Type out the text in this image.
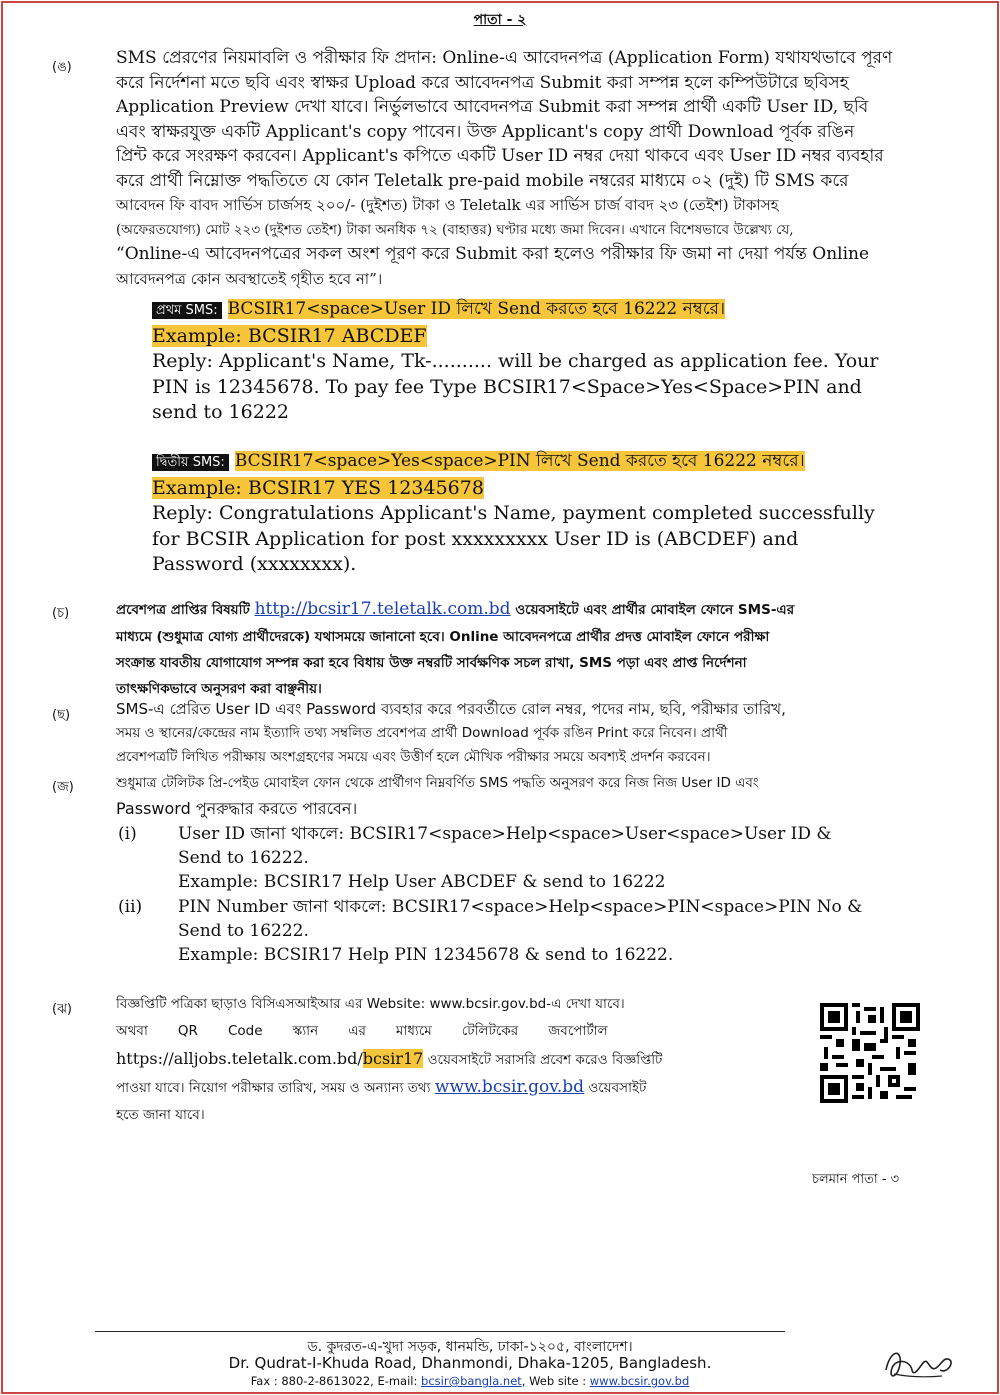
পাতা - ২
(ঙ)	SMS প্রেরণের নিয়মাবলি ও পরীক্ষার ফি প্রদান: Online-এ আবেদনপত্র (Application Form) যথাযথভাবে পূরণ
করে নির্দেশনা মতে ছবি এবং স্বাক্ষর Upload করে আবেদনপত্র Submit করা সম্পন্ন হলে কম্পিউটারে ছবিসহ
Application Preview দেখা যাবে। নির্ভুলভাবে আবেদনপত্র Submit করা সম্পন্ন প্রার্থী একটি User ID, ছবি
এবং স্বাক্ষরযুক্ত একটি Applicant's copy পাবেন। উক্ত Applicant's copy প্রার্থী Download পূর্বক রঙিন
প্রিন্ট করে সংরক্ষণ করবেন। Applicant's কপিতে একটি User ID নম্বর দেয়া থাকবে এবং User ID নম্বর ব্যবহার
করে প্রার্থী নিম্নোক্ত পদ্ধতিতে যে কোন Teletalk pre-paid mobile নম্বরের মাধ্যমে ০২ (দুই) টি SMS করে
আবেদন ফি বাবদ সার্ভিস চার্জসহ ২০০/- (দুইশত) টাকা ও Teletalk এর সার্ভিস চার্জ বাবদ ২৩ (তেইশ) টাকাসহ
(অফেরতযোগ্য) মোট ২২৩ (দুইশত তেইশ) টাকা অনধিক ৭২ (বাহাত্তর) ঘণ্টার মধ্যে জমা দিবেন। এখানে বিশেষভাবে উল্লেখ্য যে,
“Online-এ আবেদনপত্রের সকল অংশ পূরণ করে Submit করা হলেও পরীক্ষার ফি জমা না দেয়া পর্যন্ত Online
আবেদনপত্র কোন অবস্থাতেই গৃহীত হবে না”।
প্রথম SMS: BCSIR17<space>User ID লিখে Send করতে হবে 16222 নম্বরে।
Example: BCSIR17 ABCDEF
Reply: Applicant's Name, Tk-.......... will be charged as application fee. Your
PIN is 12345678. To pay fee Type BCSIR17<Space>Yes<Space>PIN and
send to 16222
দ্বিতীয় SMS: BCSIR17<space>Yes<space>PIN লিখে Send করতে হবে 16222 নম্বরে।
Example: BCSIR17 YES 12345678
Reply: Congratulations Applicant's Name, payment completed successfully
for BCSIR Application for post xxxxxxxxx User ID is (ABCDEF) and
Password (xxxxxxxx).
(চ)	প্রবেশপত্র প্রাপ্তির বিষয়টি http://bcsir17.teletalk.com.bd ওয়েবসাইটে এবং প্রার্থীর মোবাইল ফোনে SMS-এর
মাধ্যমে (শুধুমাত্র যোগ্য প্রার্থীদেরকে) যথাসময়ে জানানো হবে। Online আবেদনপত্রে প্রার্থীর প্রদত্ত মোবাইল ফোনে পরীক্ষা
সংক্রান্ত যাবতীয় যোগাযোগ সম্পন্ন করা হবে বিধায় উক্ত নম্বরটি সার্বক্ষণিক সচল রাখা, SMS পড়া এবং প্রাপ্ত নির্দেশনা
তাৎক্ষণিকভাবে অনুসরণ করা বাঞ্ছনীয়।
(ছ)	SMS-এ প্রেরিত User ID এবং Password ব্যবহার করে পরবর্তীতে রোল নম্বর, পদের নাম, ছবি, পরীক্ষার তারিখ,
সময় ও স্থানের/কেন্দ্রের নাম ইত্যাদি তথ্য সম্বলিত প্রবেশপত্র প্রার্থী Download পূর্বক রঙিন Print করে নিবেন। প্রার্থী
প্রবেশপত্রটি লিখিত পরীক্ষায় অংশগ্রহণের সময়ে এবং উত্তীর্ণ হলে মৌখিক পরীক্ষার সময়ে অবশ্যই প্রদর্শন করবেন।
(জ)	শুধুমাত্র টেলিটক প্রি-পেইড মোবাইল ফোন থেকে প্রার্থীগণ নিম্নবর্ণিত SMS পদ্ধতি অনুসরণ করে নিজ নিজ User ID এবং
Password পুনরুদ্ধার করতে পারবেন।
(i) User ID জানা থাকলে: BCSIR17<space>Help<space>User<space>User ID &
Send to 16222.
Example: BCSIR17 Help User ABCDEF & send to 16222
(ii) PIN Number জানা থাকলে: BCSIR17<space>Help<space>PIN<space>PIN No &
Send to 16222.
Example: BCSIR17 Help PIN 12345678 & send to 16222.
(ঝ)	বিজ্ঞপ্তিটি পত্রিকা ছাড়াও বিসিএসআইআর এর Website: www.bcsir.gov.bd-এ দেখা যাবে।
অথবা       QR       Code       স্ক্যান       এর       মাধ্যমে       টেলিটকের       জবপোর্টাল
https://alljobs.teletalk.com.bd/bcsir17 ওয়েবসাইটে সরাসরি প্রবেশ করেও বিজ্ঞপ্তিটি
পাওয়া যাবে। নিয়োগ পরীক্ষার তারিখ, সময় ও অন্যান্য তথ্য www.bcsir.gov.bd ওয়েবসাইট
হতে জানা যাবে।
চলমান পাতা - ৩
ড. কুদরত-এ-খুদা সড়ক, ধানমন্ডি, ঢাকা-১২০৫, বাংলাদেশ।
Dr. Qudrat-I-Khuda Road, Dhanmondi, Dhaka-1205, Bangladesh.
Fax : 880-2-8613022, E-mail: bcsir@bangla.net, Web site : www.bcsir.gov.bd
